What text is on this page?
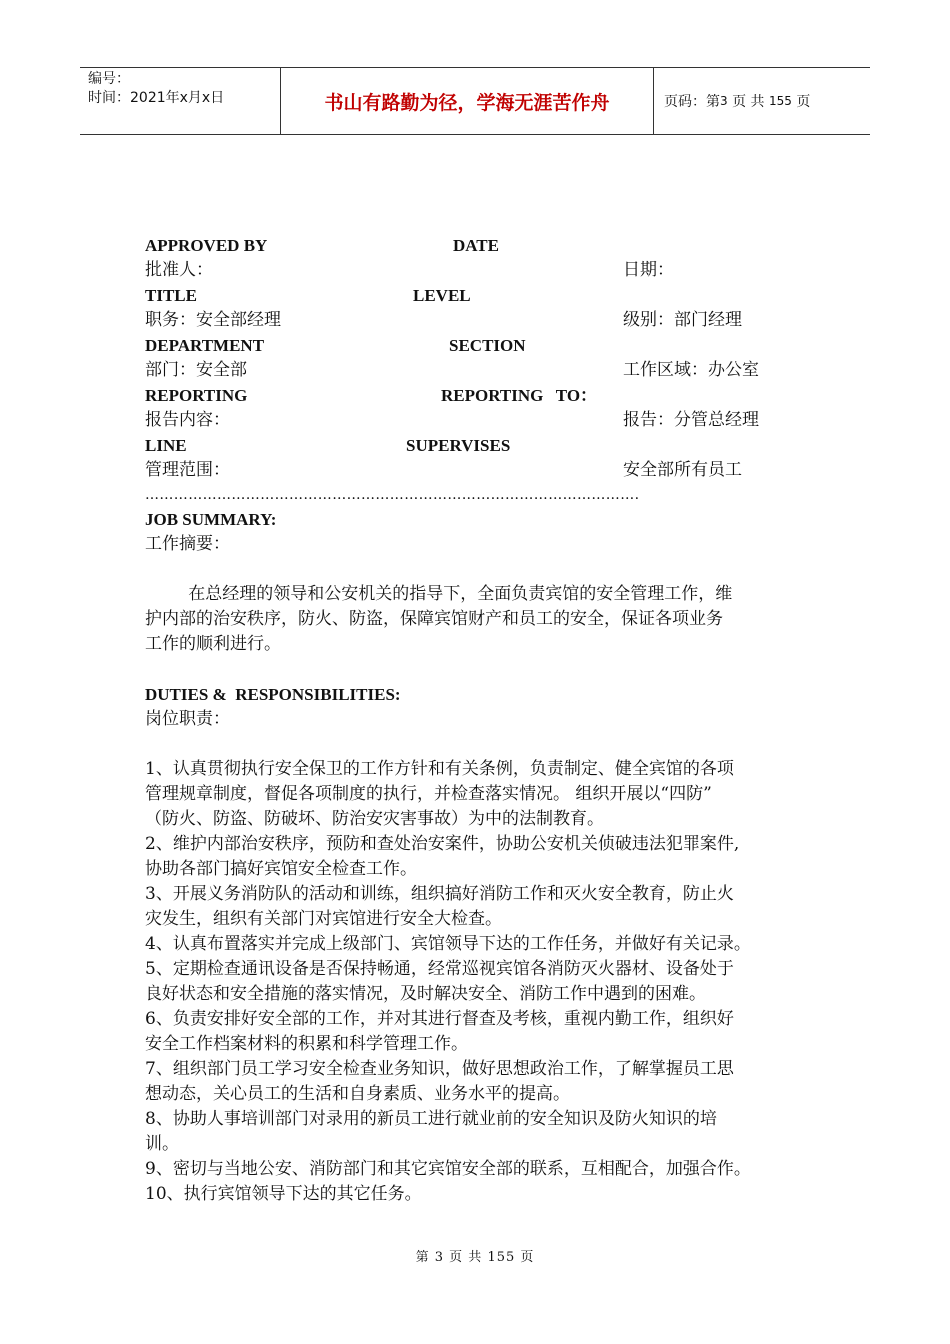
编号：
时间：2021年x月x日	书山有路勤为径，学海无涯苦作舟	页码：第 3
页 共
155
页
APPROVED BY	DATE
批准人：	日期：
TITLE	LEVEL
职务：安全部经理	级别：部门经理
DEPARTMENT	SECTION
部门：安全部	工作区域：办公室
REPORTING	REPORTING   TO：
报告内容：	报告：分管总经理
LINE	SUPERVISES
管理范围：	安全部所有员工
………………………………………………………………………………………….
JOB SUMMARY:
工作摘要：
在总经理的领导和公安机关的指导下，全面负责宾馆的安全管理工作，维
护内部的治安秩序，防火、防盗，保障宾馆财产和员工的安全，保证各项业务
工作的顺利进行。
DUTIES &  RESPONSIBILITIES:
岗位职责：
1、认真贯彻执行安全保卫的工作方针和有关条例，负责制定、健全宾馆的各项
管理规章制度，督促各项制度的执行，并检查落实情况。 组织开展以“四防”
（防火、防盗、防破坏、防治安灾害事故）为中的法制教育。
2、维护内部治安秩序，预防和查处治安案件，协助公安机关侦破违法犯罪案件,
协助各部门搞好宾馆安全检查工作。
3、开展义务消防队的活动和训练，组织搞好消防工作和灭火安全教育，防止火
灾发生，组织有关部门对宾馆进行安全大检查。
4、认真布置落实并完成上级部门、宾馆领导下达的工作任务，并做好有关记录。
5、定期检查通讯设备是否保持畅通，经常巡视宾馆各消防灭火器材、设备处于
良好状态和安全措施的落实情况，及时解决安全、消防工作中遇到的困难。
6、负责安排好安全部的工作，并对其进行督查及考核，重视内勤工作，组织好
安全工作档案材料的积累和科学管理工作。
7、组织部门员工学习安全检查业务知识，做好思想政治工作，了解掌握员工思
想动态，关心员工的生活和自身素质、业务水平的提高。
8、协助人事培训部门对录用的新员工进行就业前的安全知识及防火知识的培
训。
9、密切与当地公安、消防部门和其它宾馆安全部的联系，互相配合，加强合作。
10、执行宾馆领导下达的其它任务。
第 3 页 共 155 页
